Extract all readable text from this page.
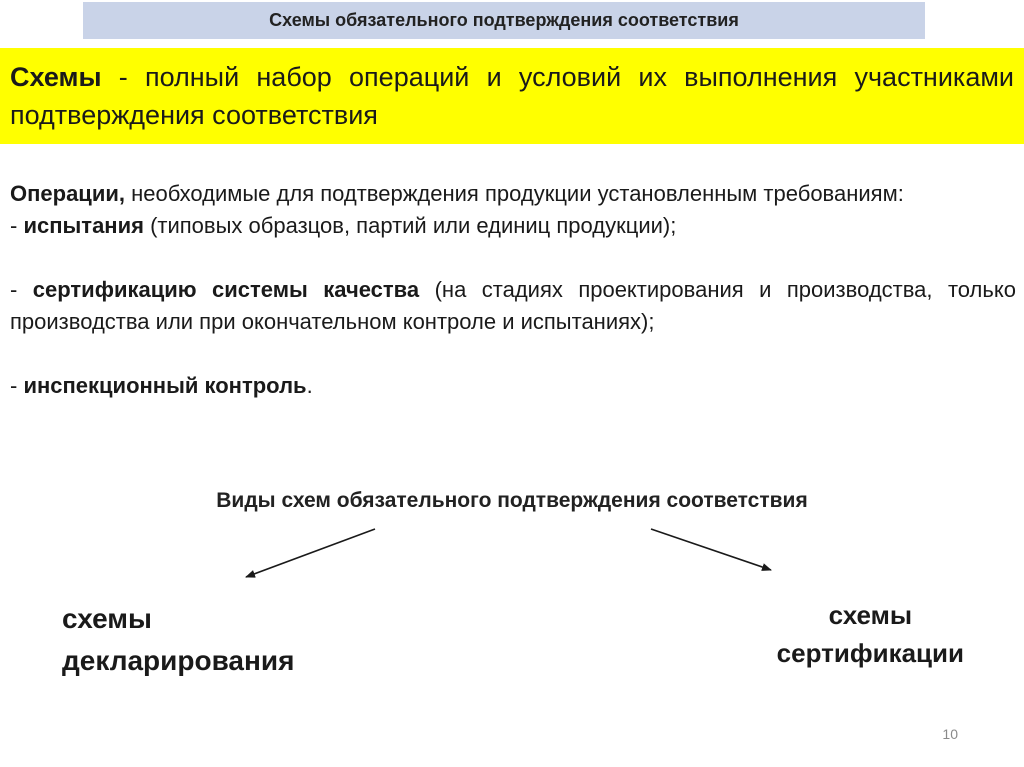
Схемы обязательного подтверждения соответствия
Схемы - полный набор операций и условий их выполнения участниками подтверждения соответствия

Операции, необходимые для подтверждения продукции установленным требованиям:

- испытания (типовых образцов, партий или единиц продукции);

- сертификацию системы качества (на стадиях проектирования и производства, только производства или при окончательном контроле и испытаниях);

- инспекционный контроль.

Виды схем обязательного подтверждения соответствия
схемы
декларирования
схемы
сертификации
10
